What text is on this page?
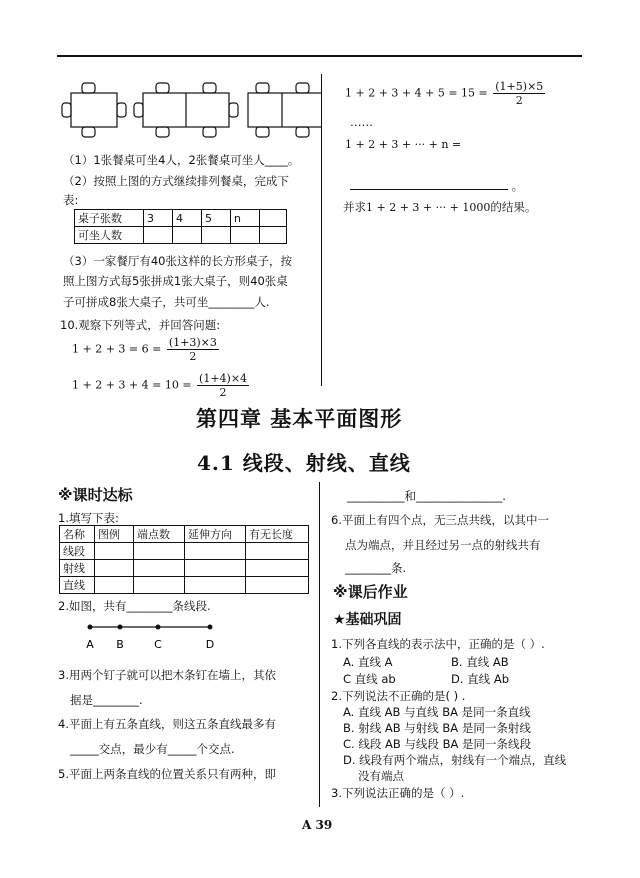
（1）1张餐桌可坐4人，2张餐桌可坐人____。
（2）按照上图的方式继续排列餐桌，完成下
表:
桌子张数	3	4	5	n	
可坐人数					
（3）一家餐厅有40张这样的长方形桌子，按
照上图方式每5张拼成1张大桌子，则40张桌
子可拼成8张大桌子，共可坐________人.
10.观察下列等式，并回答问题:
$1 + 2 + 3 = 6 = \frac{(1+3)\times 3}{2}$
$1 + 2 + 3 + 4 = 10 = \frac{(1+4)\times 4}{2}$
$1 + 2 + 3 + 4 + 5 = 15 = \frac{(1+5)\times 5}{2}$
……
1 + 2 + 3 + ··· + n =
。
并求1 + 2 + 3 + ··· + 1000的结果。
第四章 基本平面图形
4.1 线段、射线、直线
※课时达标
1.填写下表:
名称	图例	端点数	延伸方向	有无长度
线段				
射线				
直线				
2.如图，共有________条线段.
A B	C	D
3.用两个钉子就可以把木条钉在墙上，其依
据是________.
4.平面上有五条直线，则这五条直线最多有
_____交点，最少有_____个交点.
5.平面上两条直线的位置关系只有两种，即
__________和_______________.
6.平面上有四个点，无三点共线，以其中一
点为端点，并且经过另一点的射线共有
________条.
※课后作业
★基础巩固
1.下列各直线的表示法中，正确的是（ ）.
A. 直线 A	B. 直线 AB
C 直线 ab	D. 直线 Ab
2.下列说法不正确的是( ) .
A. 直线 AB 与直线 BA 是同一条直线
B. 射线 AB 与射线 BA 是同一条射线
C. 线段 AB 与线段 BA 是同一条线段
D. 线段有两个端点，射线有一个端点，直线
没有端点
3.下列说法正确的是（ ）.
A 39
